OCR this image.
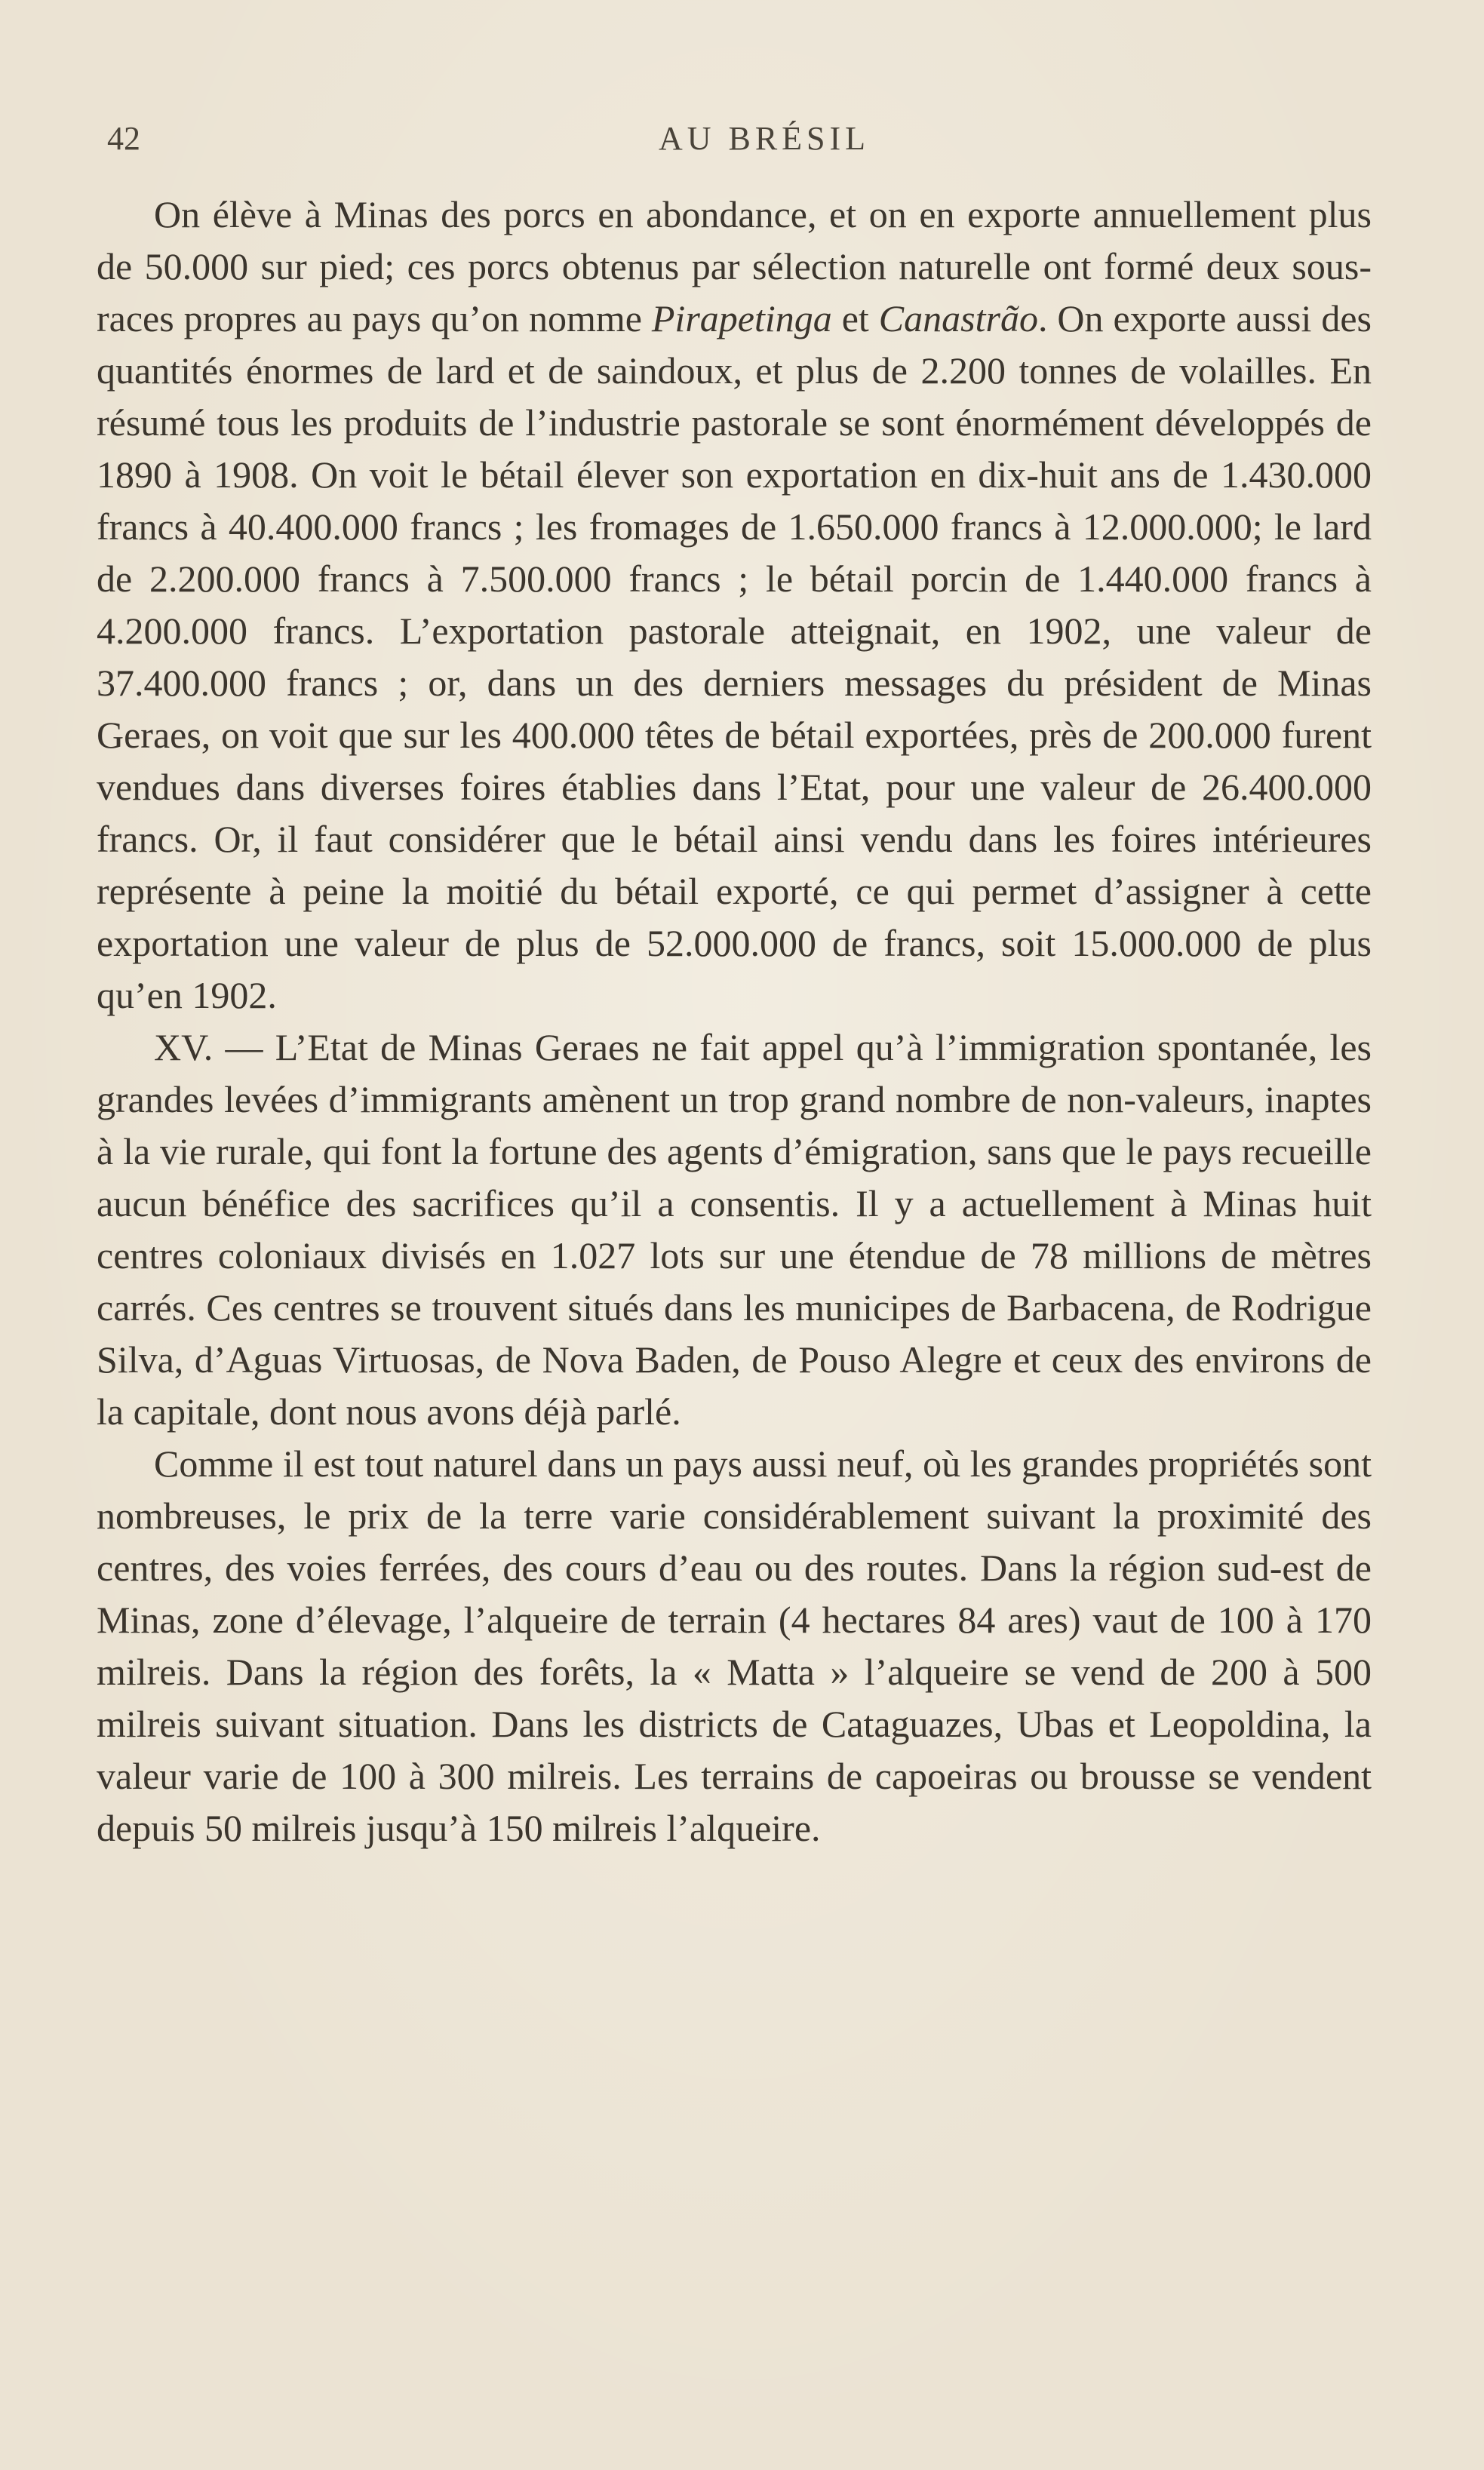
42	AU BRÉSIL

On élève à Minas des porcs en abondance, et on en exporte annuellement plus de 50.000 sur pied; ces porcs obtenus par sélection naturelle ont formé deux sous-races propres au pays qu’on nomme Pirapetinga et Canastrão. On exporte aussi des quantités énormes de lard et de saindoux, et plus de 2.200 tonnes de volailles. En résumé tous les produits de l’industrie pastorale se sont énormément développés de 1890 à 1908. On voit le bétail élever son exportation en dix-huit ans de 1.430.000 francs à 40.400.000 francs ; les fromages de 1.650.000 francs à 12.000.000; le lard de 2.200.000 francs à 7.500.000 francs ; le bétail porcin de 1.440.000 francs à 4.200.000 francs. L’exportation pastorale atteignait, en 1902, une valeur de 37.400.000 francs ; or, dans un des derniers messages du président de Minas Geraes, on voit que sur les 400.000 têtes de bétail exportées, près de 200.000 furent vendues dans diverses foires établies dans l’Etat, pour une valeur de 26.400.000 francs. Or, il faut considérer que le bétail ainsi vendu dans les foires intérieures représente à peine la moitié du bétail exporté, ce qui permet d’assigner à cette exportation une valeur de plus de 52.000.000 de francs, soit 15.000.000 de plus qu’en 1902.

XV. — L’Etat de Minas Geraes ne fait appel qu’à l’immigration spontanée, les grandes levées d’immigrants amènent un trop grand nombre de non-valeurs, inaptes à la vie rurale, qui font la fortune des agents d’émigration, sans que le pays recueille aucun bénéfice des sacrifices qu’il a consentis. Il y a actuellement à Minas huit centres coloniaux divisés en 1.027 lots sur une étendue de 78 millions de mètres carrés. Ces centres se trouvent situés dans les municipes de Barbacena, de Rodrigue Silva, d’Aguas Virtuosas, de Nova Baden, de Pouso Alegre et ceux des environs de la capitale, dont nous avons déjà parlé.

Comme il est tout naturel dans un pays aussi neuf, où les grandes propriétés sont nombreuses, le prix de la terre varie considérablement suivant la proximité des centres, des voies ferrées, des cours d’eau ou des routes. Dans la région sud-est de Minas, zone d’élevage, l’alqueire de terrain (4 hectares 84 ares) vaut de 100 à 170 milreis. Dans la région des forêts, la « Matta » l’alqueire se vend de 200 à 500 milreis suivant situation. Dans les districts de Cataguazes, Ubas et Leopoldina, la valeur varie de 100 à 300 milreis. Les terrains de capoeiras ou brousse se vendent depuis 50 milreis jusqu’à 150 milreis l’alqueire.
